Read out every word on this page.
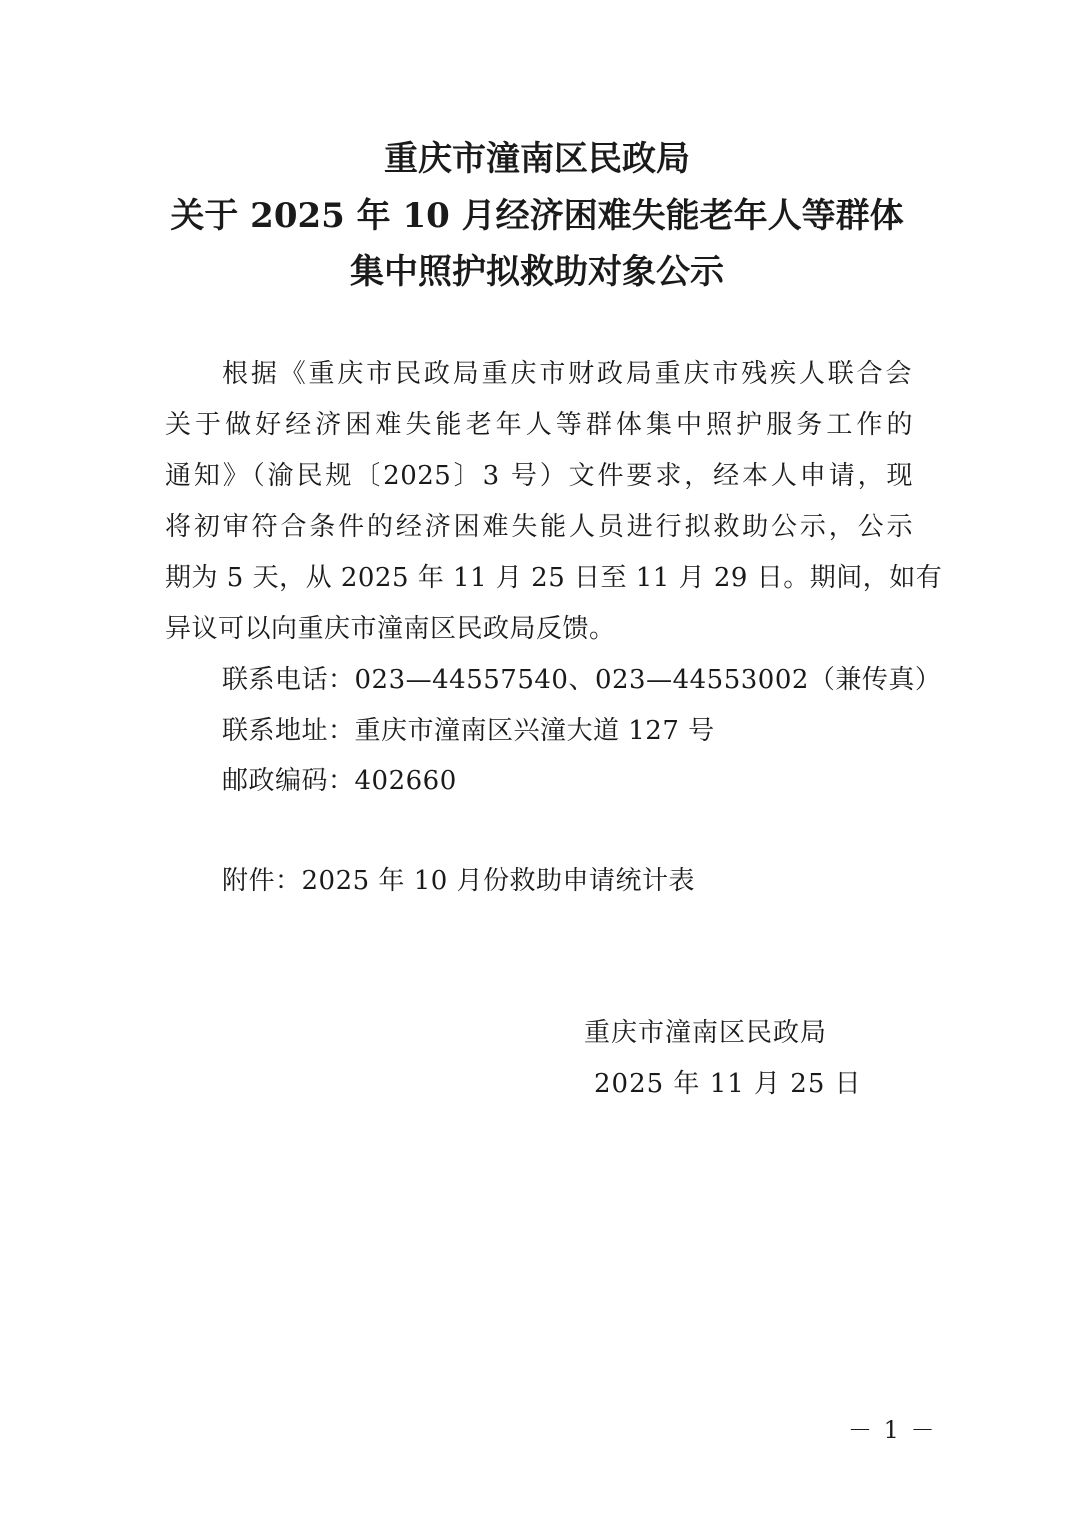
重庆市潼南区民政局
关于 2025 年 10 月经济困难失能老年人等群体
集中照护拟救助对象公示
根据《重庆市民政局重庆市财政局重庆市残疾人联合会
关于做好经济困难失能老年人等群体集中照护服务工作的
通知》（渝民规〔2025〕3 号）文件要求，经本人申请，现
将初审符合条件的经济困难失能人员进行拟救助公示，公示
期为 5 天，从 2025 年 11 月 25 日至 11 月 29 日。期间，如有
异议可以向重庆市潼南区民政局反馈。
联系电话：023—44557540、023—44553002（兼传真）
联系地址：重庆市潼南区兴潼大道 127 号
邮政编码：402660
附件：2025 年 10 月份救助申请统计表
重庆市潼南区民政局
2025 年 11 月 25 日
－ 1 －
